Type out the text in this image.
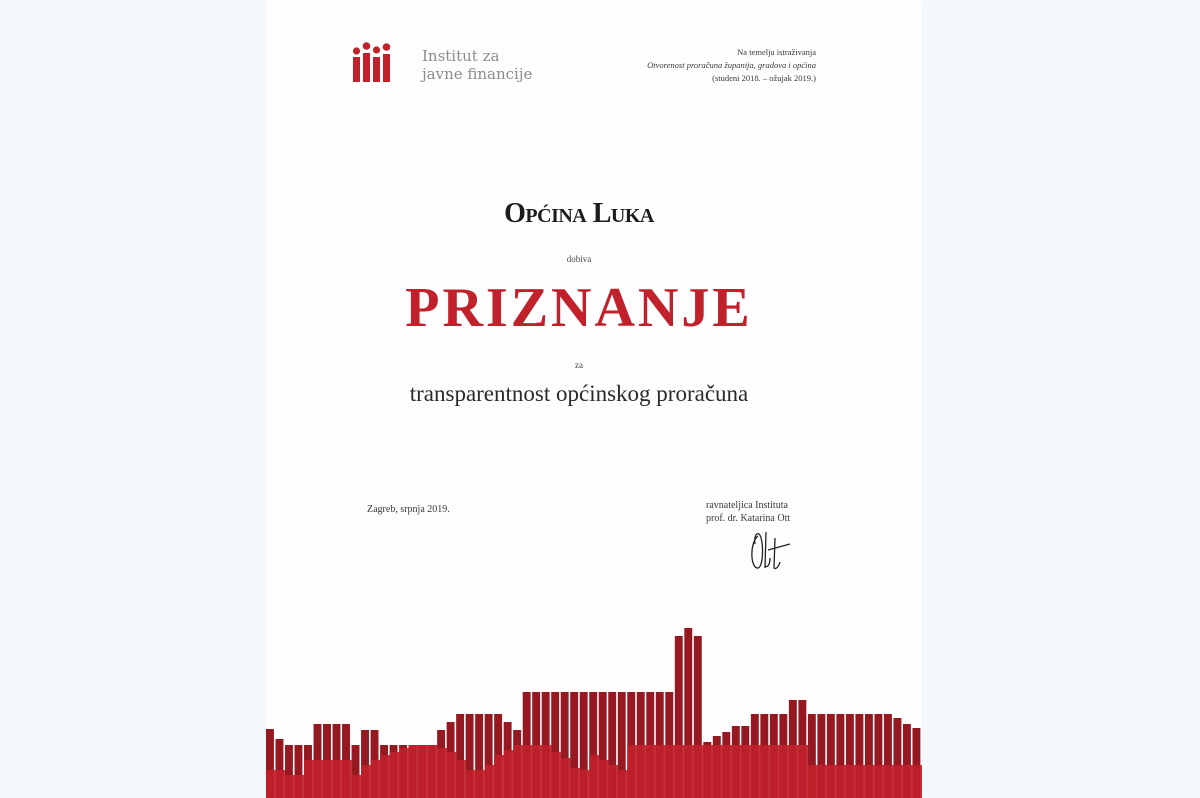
Institut za
javne financije
Na temelju istraživanja
Otvorenost proračuna županija, gradova i općina
(studeni 2018. – ožujak 2019.)
Općina Luka
dobiva
PRIZNANJE
za
transparentnost općinskog proračuna
Zagreb, srpnja 2019.	ravnateljica Instituta
prof. dr. Katarina Ott
